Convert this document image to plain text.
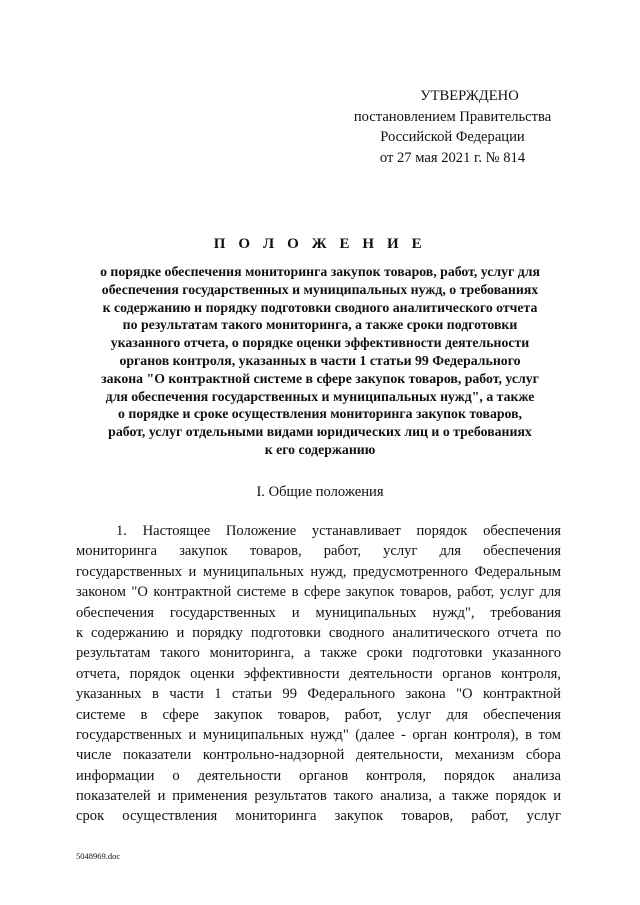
УТВЕРЖДЕНО
постановлением Правительства
Российской Федерации
от 27 мая 2021 г. № 814
П О Л О Ж Е Н И Е
о порядке обеспечения мониторинга закупок товаров, работ, услуг для
обеспечения государственных и муниципальных нужд, о требованиях
к содержанию и порядку подготовки сводного аналитического отчета
по результатам такого мониторинга, а также сроки подготовки
указанного отчета, о порядке оценки эффективности деятельности
органов контроля, указанных в части 1 статьи 99 Федерального
закона "О контрактной системе в сфере закупок товаров, работ, услуг
для обеспечения государственных и муниципальных нужд", а также
о порядке и сроке осуществления мониторинга закупок товаров,
работ, услуг отдельными видами юридических лиц и о требованиях
к его содержанию
I. Общие положения
1. Настоящее Положение устанавливает порядок обеспечения
мониторинга закупок товаров, работ, услуг для обеспечения
государственных и муниципальных нужд, предусмотренного Федеральным
законом "О контрактной системе в сфере закупок товаров, работ, услуг для
обеспечения государственных и муниципальных нужд", требования
к содержанию и порядку подготовки сводного аналитического отчета по
результатам такого мониторинга, а также сроки подготовки указанного
отчета, порядок оценки эффективности деятельности органов контроля,
указанных в части 1 статьи 99 Федерального закона "О контрактной
системе в сфере закупок товаров, работ, услуг для обеспечения
государственных и муниципальных нужд" (далее - орган контроля), в том
числе показатели контрольно-надзорной деятельности, механизм сбора
информации о деятельности органов контроля, порядок анализа
показателей и применения результатов такого анализа, а также порядок и
срок осуществления мониторинга закупок товаров, работ, услуг
5048969.doc
